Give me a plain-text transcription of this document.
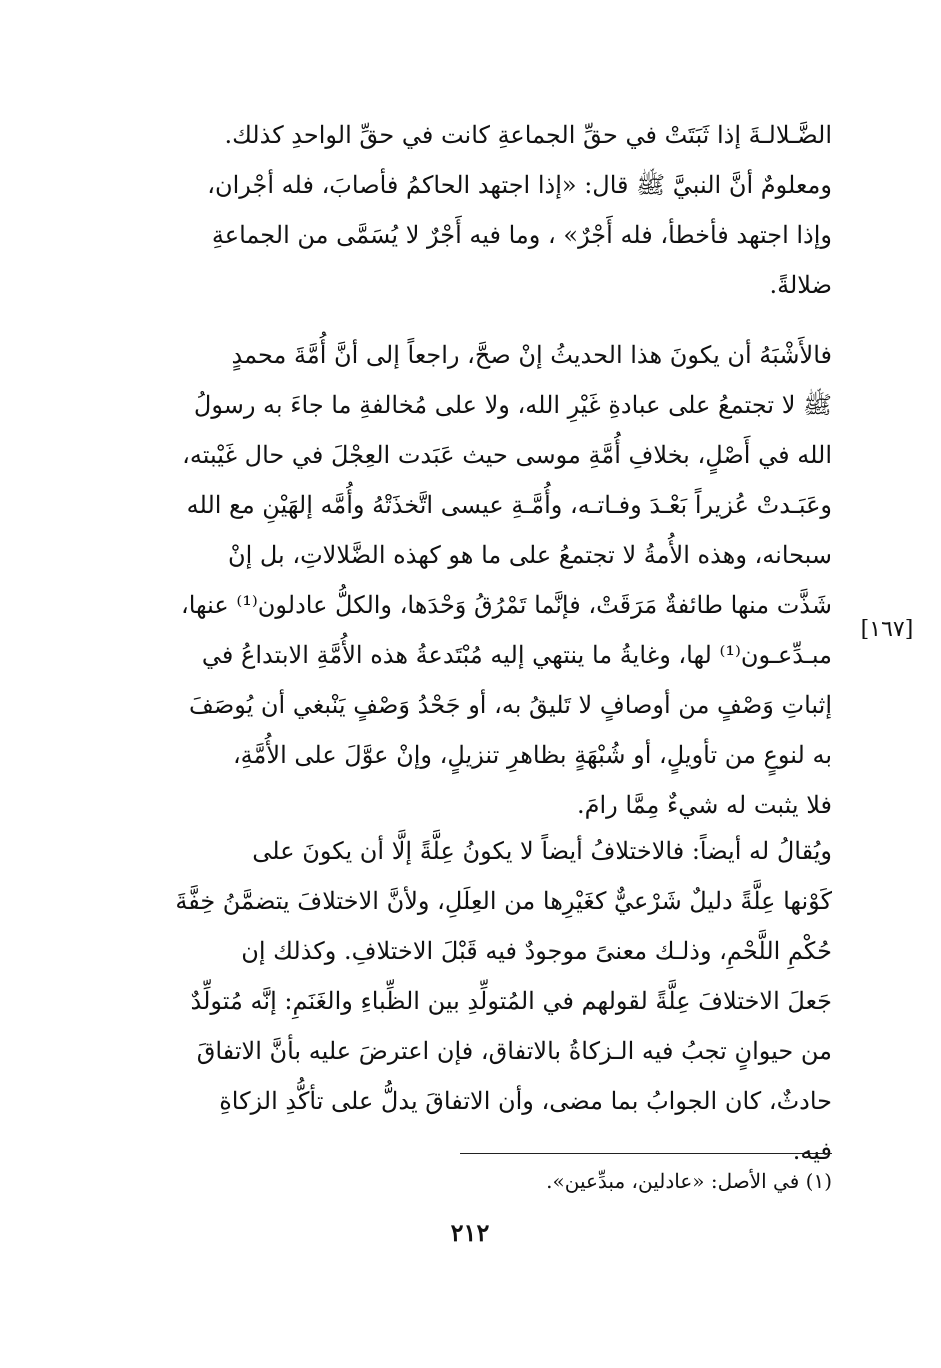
الضَّـلالـةَ إذا ثَبَتَتْ في حقِّ الجماعةِ كانت في حقِّ الواحدِ كذلك.
ومعلومٌ أنَّ النبيَّ ﷺ قال: «إذا اجتهد الحاكمُ فأصابَ، فله أجْران،
وإذا اجتهد فأخطأ، فله أَجْرٌ» ، وما فيه أَجْرٌ لا يُسَمَّى من الجماعةِ
ضلالةً.
فالأَشْبَهُ أن يكونَ هذا الحديثُ إنْ صحَّ، راجعاً إلى أنَّ أُمَّةَ محمدٍ
ﷺ لا تجتمعُ على عبادةِ غَيْرِ الله، ولا على مُخالفةِ ما جاءَ به رسولُ
الله في أَصْلٍ، بخلافِ أُمَّةِ موسى حيث عَبَدت العِجْلَ في حال غَيْبته،
وعَبَـدتْ عُزيراً بَعْـدَ وفـاتـه، وأُمَّـةِ عيسى اتَّخذَتْهُ وأُمَّه إلهَيْنِ مع الله
سبحانه، وهذه الأُمةُ لا تجتمعُ على ما هو كهذه الضَّلالاتِ، بل إنْ
شَذَّت منها طائفةٌ مَرَقَتْ، فإنَّما تَمْرُقُ وَحْدَها، والكلُّ عادلون⁽¹⁾ عنها،
مبـدِّعـون⁽¹⁾ لها، وغايةُ ما ينتهي إليه مُبْتَدعةُ هذه الأُمَّةِ الابتداعُ في
إثباتِ وَصْفٍ من أوصافٍ لا تَليقُ به، أو جَحْدُ وَصْفٍ يَنْبغي أن يُوصَفَ
به لنوعٍ من تأويلٍ، أو شُبْهَةٍ بظاهرِ تنزيلٍ، وإنْ عوَّلَ على الأُمَّةِ،
فلا يثبت له شيءٌ مِمَّا رامَ.
[١٦٧]
ويُقالُ له أيضاً: فالاختلافُ أيضاً لا يكونُ عِلَّةً إلَّا أن يكونَ على
كَوْنها عِلَّةً دليلٌ شَرْعيٌّ كغَيْرِها من العِلَلِ، ولأنَّ الاختلافَ يتضمَّنُ خِفَّةَ
حُكْمِ اللَّحْمِ، وذلـك معنىً موجودٌ فيه قَبْلَ الاختلافِ. وكذلك إن
جَعلَ الاختلافَ عِلَّةً لقولهم في المُتولِّدِ بين الظِّباءِ والغَنَمِ: إنَّه مُتولِّدٌ
من حيوانٍ تجبُ فيه الـزكاةُ بالاتفاق، فإن اعترضَ عليه بأنَّ الاتفاقَ
حادثٌ، كان الجوابُ بما مضى، وأن الاتفاقَ يدلُّ على تأكُّدِ الزكاةِ
فيه.
(١) في الأصل: «عادلين، مبدِّعين».
٢١٢
